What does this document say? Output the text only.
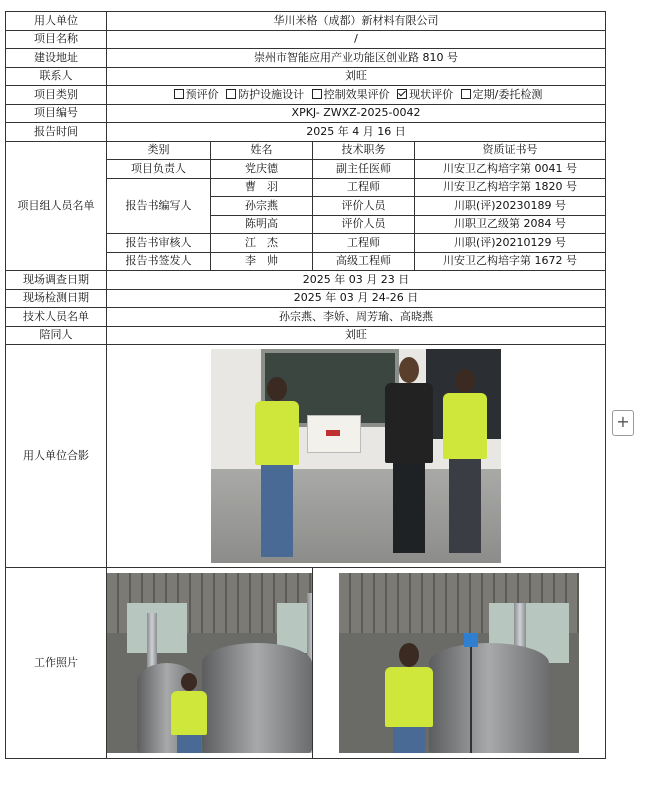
用人单位	华川米格（成都）新材料有限公司			
项目名称	/			
建设地址	崇州市智能应用产业功能区创业路 810 号			
联系人	刘旺			
项目类别	预评价 防护设施设计 控制效果评价 现状评价 定期/委托检测			
项目编号	XPKJ- ZWXZ-2025-0042			
报告时间	2025 年 4 月 16 日			
项目组人员名单	类别	姓名	技术职务	资质证书号
	项目负责人	党庆德	副主任医师	川安卫乙构培字第 0041 号
	报告书编写人	曹　羽	工程师	川安卫乙构培字第 1820 号
		孙宗燕	评价人员	川职(评)20230189 号
		陈明高	评价人员	川职卫乙级第 2084 号
	报告书审核人	江　杰	工程师	川职(评)20210129 号
	报告书签发人	李　帅	高级工程师	川安卫乙构培字第 1672 号
现场调查日期	2025 年 03 月 23 日			
现场检测日期	2025 年 03 月 24-26 日			
技术人员名单	孙宗燕、李娇、周芳瑜、高晓燕			
陪同人	刘旺			
用人单位合影				

工作照片			

+
